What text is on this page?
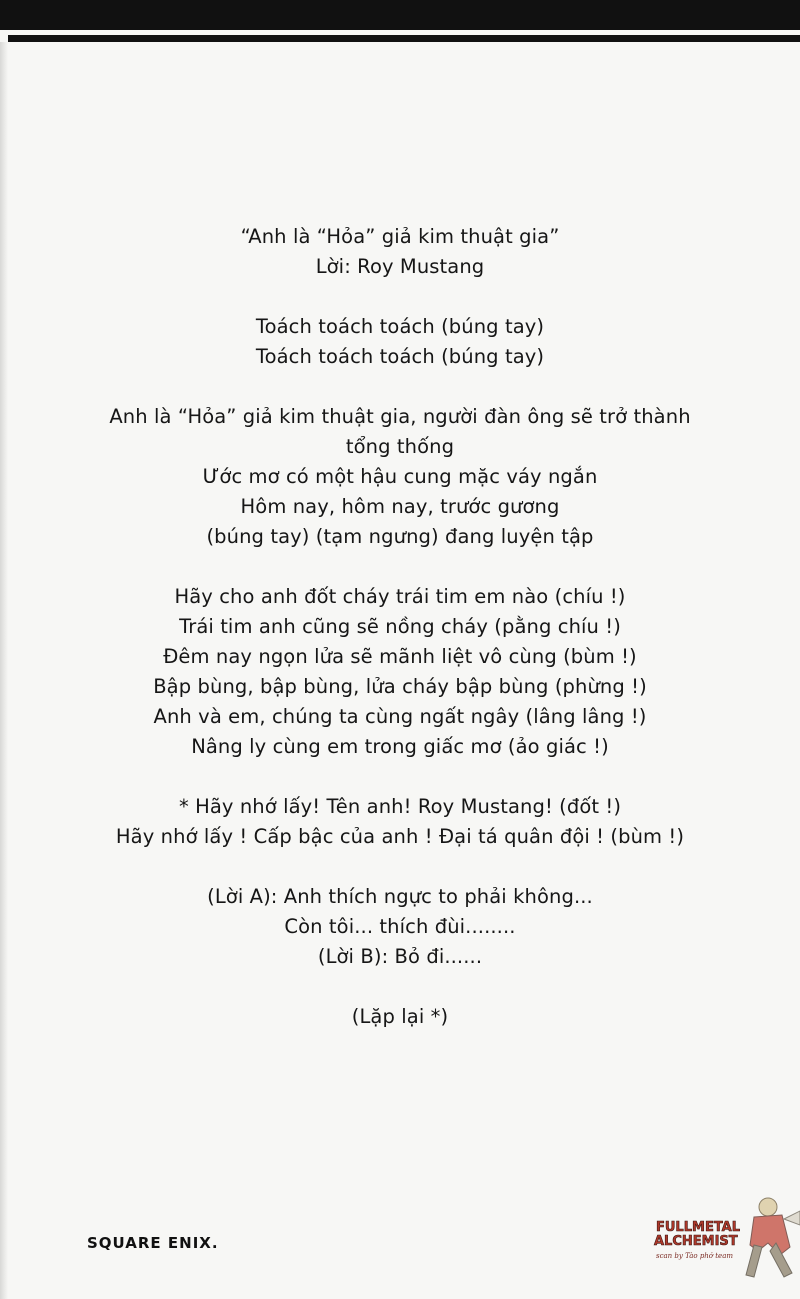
“Anh là “Hỏa” giả kim thuật gia”
Lời: Roy Mustang
Toách toách toách (búng tay)
Toách toách toách (búng tay)
Anh là “Hỏa” giả kim thuật gia, người đàn ông sẽ trở thành
tổng thống
Ước mơ có một hậu cung mặc váy ngắn
Hôm nay, hôm nay, trước gương
(búng tay) (tạm ngưng) đang luyện tập
Hãy cho anh đốt cháy trái tim em nào (chíu !)
Trái tim anh cũng sẽ nồng cháy (pằng chíu !)
Đêm nay ngọn lửa sẽ mãnh liệt vô cùng (bùm !)
Bập bùng, bập bùng, lửa cháy bập bùng (phừng !)
Anh và em, chúng ta cùng ngất ngây (lâng lâng !)
Nâng ly cùng em trong giấc mơ (ảo giác !)
* Hãy nhớ lấy! Tên anh! Roy Mustang! (đốt !)
Hãy nhớ lấy ! Cấp bậc của anh ! Đại tá quân đội ! (bùm !)
(Lời A): Anh thích ngực to phải không...
Còn tôi... thích đùi........
(Lời B): Bỏ đi......
(Lặp lại *)
SQUARE ENIX.
FULLMETAL
ALCHEMIST
scan by Tào phớ team
